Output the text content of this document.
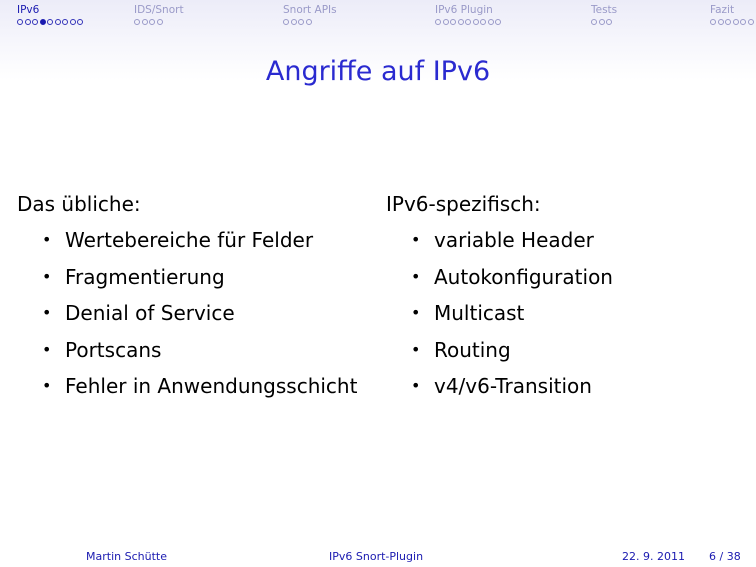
IPv6	IDS/Snort	Snort APIs	IPv6 Plugin	Tests	Fazit
Angriffe auf IPv6
Das übliche:
• Wertebereiche für Felder
• Fragmentierung
• Denial of Service
• Portscans
• Fehler in Anwendungsschicht
IPv6-spezifisch:
• variable Header
• Autokonfiguration
• Multicast
• Routing
• v4/v6-Transition
Martin Schütte	IPv6 Snort-Plugin	22. 9. 2011 6 / 38
